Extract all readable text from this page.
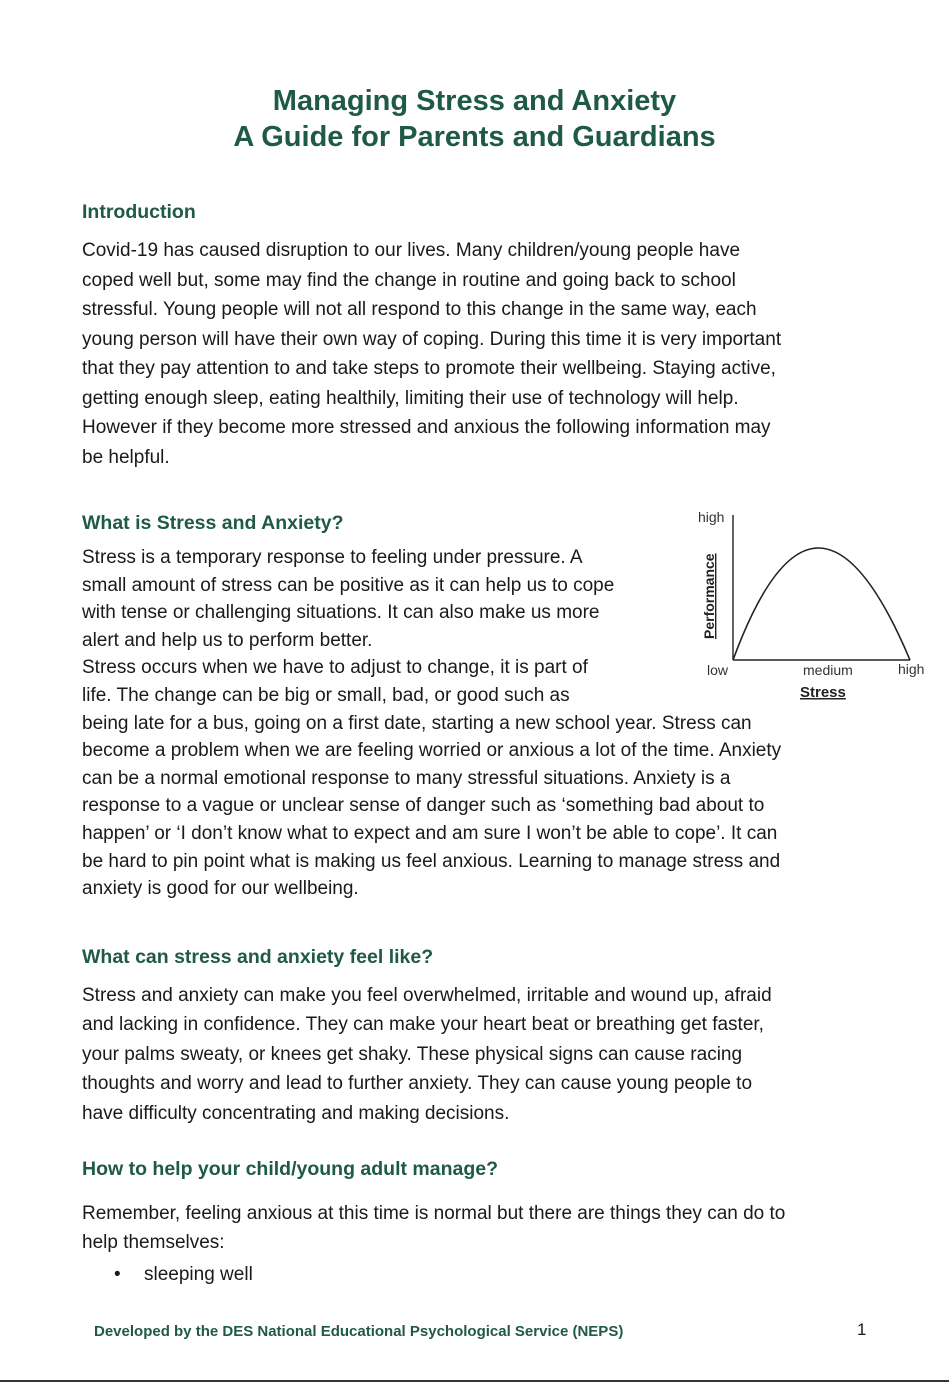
Managing Stress and Anxiety
A Guide for Parents and Guardians
Introduction
Covid-19 has caused disruption to our lives. Many children/young people have
coped well but, some may find the change in routine and going back to school
stressful. Young people will not all respond to this change in the same way, each
young person will have their own way of coping. During this time it is very important
that they pay attention to and take steps to promote their wellbeing. Staying active,
getting enough sleep, eating healthily, limiting their use of technology will help.
However if they become more stressed and anxious the following information may
be helpful.
What is Stress and Anxiety?
Stress is a temporary response to feeling under pressure. A
small amount of stress can be positive as it can help us to cope
with tense or challenging situations. It can also make us more
alert and help us to perform better.
Stress occurs when we have to adjust to change, it is part of
life. The change can be big or small, bad, or good such as
being late for a bus, going on a first date, starting a new school year. Stress can
become a problem when we are feeling worried or anxious a lot of the time. Anxiety
can be a normal emotional response to many stressful situations. Anxiety is a
response to a vague or unclear sense of danger such as ‘something bad about to
happen’ or ‘I don’t know what to expect and am sure I won’t be able to cope’. It can
be hard to pin point what is making us feel anxious. Learning to manage stress and
anxiety is good for our wellbeing.
high
Performance
low	medium	high
Stress
What can stress and anxiety feel like?
Stress and anxiety can make you feel overwhelmed, irritable and wound up, afraid
and lacking in confidence. They can make your heart beat or breathing get faster,
your palms sweaty, or knees get shaky. These physical signs can cause racing
thoughts and worry and lead to further anxiety. They can cause young people to
have difficulty concentrating and making decisions.
How to help your child/young adult manage?
Remember, feeling anxious at this time is normal but there are things they can do to
help themselves:
• sleeping well
Developed by the DES National Educational Psychological Service (NEPS)	1
